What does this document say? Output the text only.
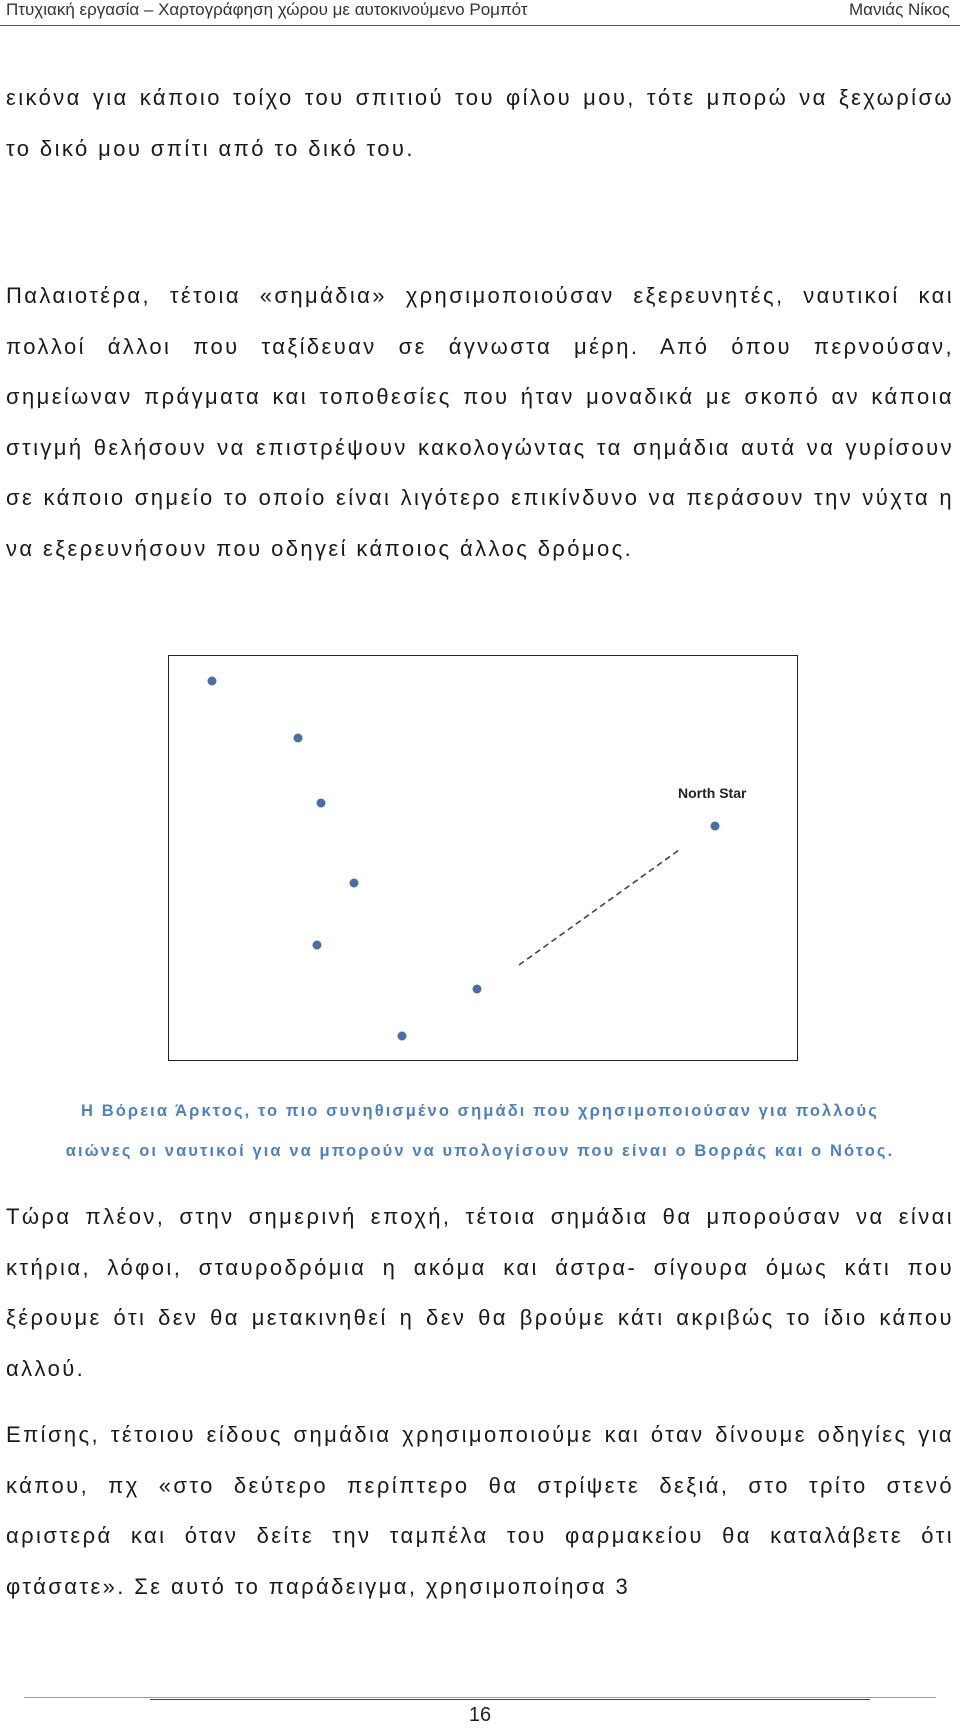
Πτυχιακή εργασία – Χαρτογράφηση χώρου με αυτοκινούμενο Ρομπότ	Μανιάς Νίκος

εικόνα για κάποιο τοίχο του σπιτιού του φίλου μου, τότε μπορώ να ξεχωρίσω το δικό μου σπίτι από το δικό του.

Παλαιοτέρα, τέτοια «σημάδια» χρησιμοποιούσαν εξερευνητές, ναυτικοί και πολλοί άλλοι που ταξίδευαν σε άγνωστα μέρη. Από όπου περνούσαν, σημείωναν πράγματα και τοποθεσίες που ήταν μοναδικά με σκοπό αν κάποια στιγμή θελήσουν να επιστρέψουν κακολογώντας τα σημάδια αυτά να γυρίσουν σε κάποιο σημείο το οποίο είναι λιγότερο επικίνδυνο να περάσουν την νύχτα η να εξερευνήσουν που οδηγεί κάποιος άλλος δρόμος.

North Star

Η Βόρεια Άρκτος, το πιο συνηθισμένο σημάδι που χρησιμοποιούσαν για πολλούς

αιώνες οι ναυτικοί για να μπορούν να υπολογίσουν που είναι ο Βορράς και ο Νότος.

Τώρα πλέον, στην σημερινή εποχή, τέτοια σημάδια θα μπορούσαν να είναι κτήρια, λόφοι, σταυροδρόμια η ακόμα και άστρα- σίγουρα όμως κάτι που ξέρουμε ότι δεν θα μετακινηθεί η δεν θα βρούμε κάτι ακριβώς το ίδιο κάπου αλλού.

Επίσης, τέτοιου είδους σημάδια χρησιμοποιούμε και όταν δίνουμε οδηγίες για κάπου, πχ «στο δεύτερο περίπτερο θα στρίψετε δεξιά, στο τρίτο στενό αριστερά και όταν δείτε την ταμπέλα του φαρμακείου θα καταλάβετε ότι φτάσατε». Σε αυτό το παράδειγμα, χρησιμοποίησα 3

16
